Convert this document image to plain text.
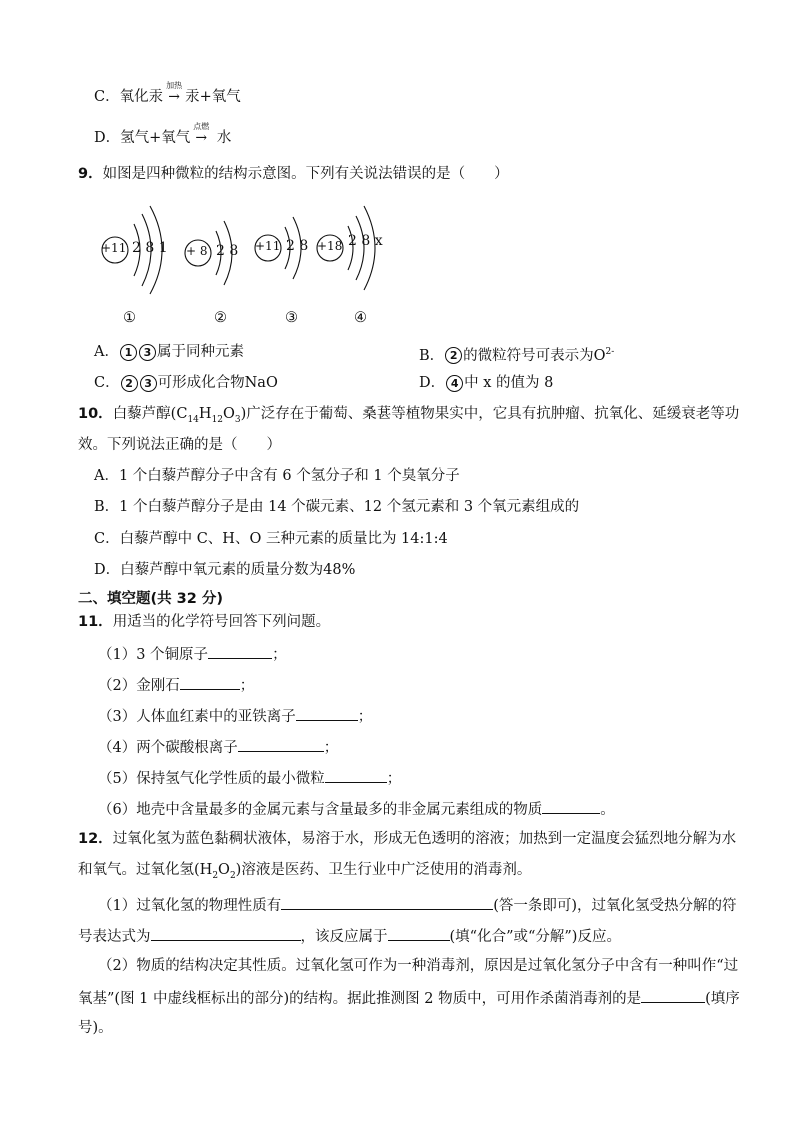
C．氧化汞
加热
→ 汞+氧气
D．氢气+氧气
点燃
→ 水
9．如图是四种微粒的结构示意图。下列有关说法错误的是（　　）
+11 2 8 1 + 8 2 8 +11 2 8 +18 2 8 x
①	②	③	④
A． 1 3 属于同种元素	B． 2 的微粒符号可表示为$O^{2-}$
C． 2 3 可形成化合物NaO	D． 4 中 x 的值为 8
10．白藜芦醇$(C_{14}H_{12}O_3)$广泛存在于葡萄、桑葚等植物果实中，它具有抗肿瘤、抗氧化、延缓衰老等功
效。下列说法正确的是（　　）
A．1 个白藜芦醇分子中含有 6 个氢分子和 1 个臭氧分子
B．1 个白藜芦醇分子是由 14 个碳元素、12 个氢元素和 3 个氧元素组成的
C．白藜芦醇中 C、H、O 三种元素的质量比为 14:1:4
D．白藜芦醇中氧元素的质量分数为48%
二、填空题(共 32 分)
11．用适当的化学符号回答下列问题。
（1）3 个铜原子	；
（2）金刚石	；
（3）人体血红素中的亚铁离子	；
（4）两个碳酸根离子	；
（5）保持氢气化学性质的最小微粒	；
（6）地壳中含量最多的金属元素与含量最多的非金属元素组成的物质	。
12．过氧化氢为蓝色黏稠状液体，易溶于水，形成无色透明的溶液；加热到一定温度会猛烈地分解为水
和氧气。过氧化氢$(H_2O_2)$溶液是医药、卫生行业中广泛使用的消毒剂。
（1）过氧化氢的物理性质有	(答一条即可)，过氧化氢受热分解的符
号表达式为	，该反应属于	(填“化合”或“分解”)反应。
（2）物质的结构决定其性质。过氧化氢可作为一种消毒剂，原因是过氧化氢分子中含有一种叫作“过
氧基”(图 1 中虚线框标出的部分)的结构。据此推测图 2 物质中，可用作杀菌消毒剂的是	(填序
号)。
